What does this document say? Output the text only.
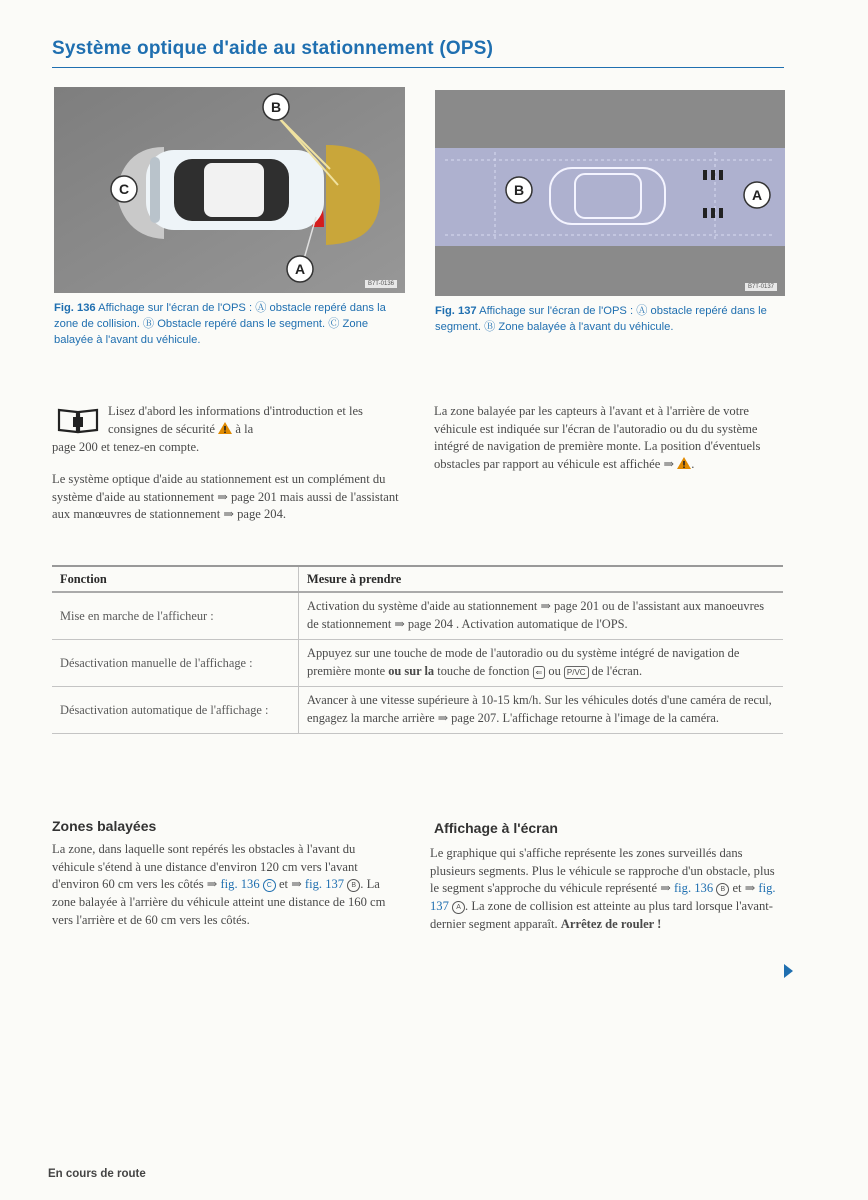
Système optique d'aide au stationnement (OPS)
B
C
A
B7T-0136
B	A
B7T-0137
Fig. 136 Affichage sur l'écran de l'OPS : Ⓐ obstacle repéré dans la zone de collision. Ⓑ Obstacle repéré dans le segment. Ⓒ Zone balayée à l'avant du véhicule.
Fig. 137 Affichage sur l'écran de l'OPS : Ⓐ obstacle repéré dans le segment. Ⓑ Zone balayée à l'avant du véhicule.
Lisez d'abord les informations d'introduction et les consignes de sécurité à la
page 200 et tenez-en compte.
Le système optique d'aide au stationnement est un complément du système d'aide au stationnement ⇒ page 201 mais aussi de l'assistant aux manœuvres de stationnement ⇒ page 204.
La zone balayée par les capteurs à l'avant et à l'arrière de votre véhicule est indiquée sur l'écran de l'autoradio ou du du système intégré de navigation de première monte. La position d'éventuels obstacles par rapport au véhicule est affichée ⇒ .
Fonction	Mesure à prendre
Mise en marche de l'afficheur :	Activation du système d'aide au stationnement ⇒ page 201 ou de l'assistant aux manoeuvres de stationnement ⇒ page 204 . Activation automatique de l'OPS.
Désactivation manuelle de l'affichage :	Appuyez sur une touche de mode de l'autoradio ou du système intégré de navigation de première monte ou sur la touche de fonction ⇐ ou P/VC de l'écran.
Désactivation automatique de l'affichage :	Avancer à une vitesse supérieure à 10-15 km/h. Sur les véhicules dotés d'une caméra de recul, engagez la marche arrière ⇒ page 207. L'affichage retourne à l'image de la caméra.
Zones balayées
La zone, dans laquelle sont repérés les obstacles à l'avant du véhicule s'étend à une distance d'environ 120 cm vers l'avant d'environ 60 cm vers les côtés ⇒ fig. 136 C et ⇒ fig. 137 B . La zone balayée à l'arrière du véhicule atteint une distance de 160 cm vers l'arrière et de 60 cm vers les côtés.
Affichage à l'écran
Le graphique qui s'affiche représente les zones surveillés dans plusieurs segments. Plus le véhicule se rapproche d'un obstacle, plus le segment s'approche du véhicule représenté ⇒ fig. 136 B et ⇒ fig. 137 A . La zone de collision est atteinte au plus tard lorsque l'avant-dernier segment apparaît. Arrêtez de rouler !
En cours de route
